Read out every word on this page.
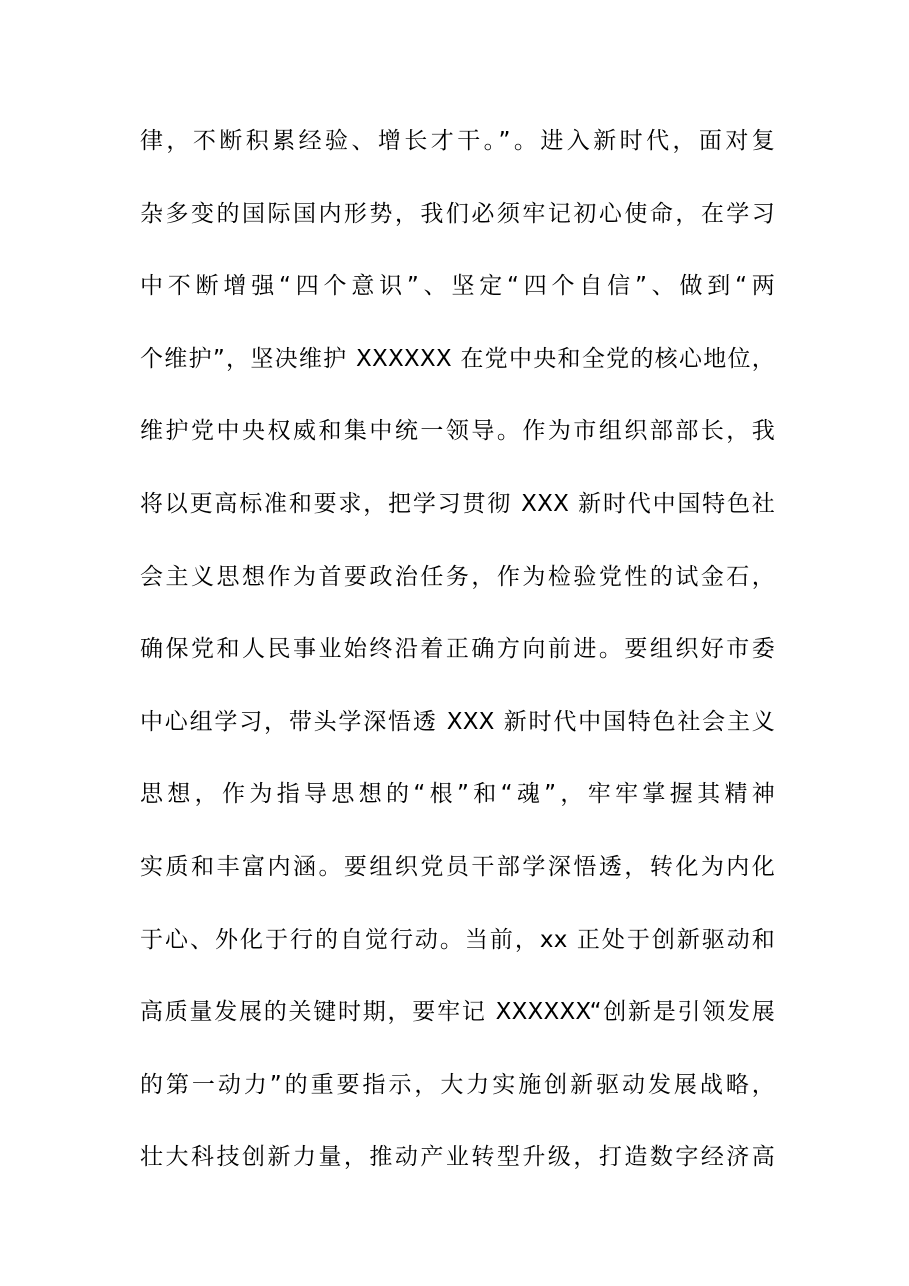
律，不断积累经验、增长才干。”。进入新时代，面对复
杂多变的国际国内形势，我们必须牢记初心使命，在学习
中不断增强“四个意识”、坚定“四个自信”、做到“两
个维护”，坚决维护 XXXXXX 在党中央和全党的核心地位，
维护党中央权威和集中统一领导。作为市组织部部长，我
将以更高标准和要求，把学习贯彻 XXX 新时代中国特色社
会主义思想作为首要政治任务，作为检验党性的试金石，
确保党和人民事业始终沿着正确方向前进。要组织好市委
中心组学习，带头学深悟透 XXX 新时代中国特色社会主义
思想，作为指导思想的“根”和“魂”，牢牢掌握其精神
实质和丰富内涵。要组织党员干部学深悟透，转化为内化
于心、外化于行的自觉行动。当前，xx 正处于创新驱动和
高质量发展的关键时期，要牢记 XXXXXX“创新是引领发展
的第一动力”的重要指示，大力实施创新驱动发展战略，
壮大科技创新力量，推动产业转型升级，打造数字经济高
